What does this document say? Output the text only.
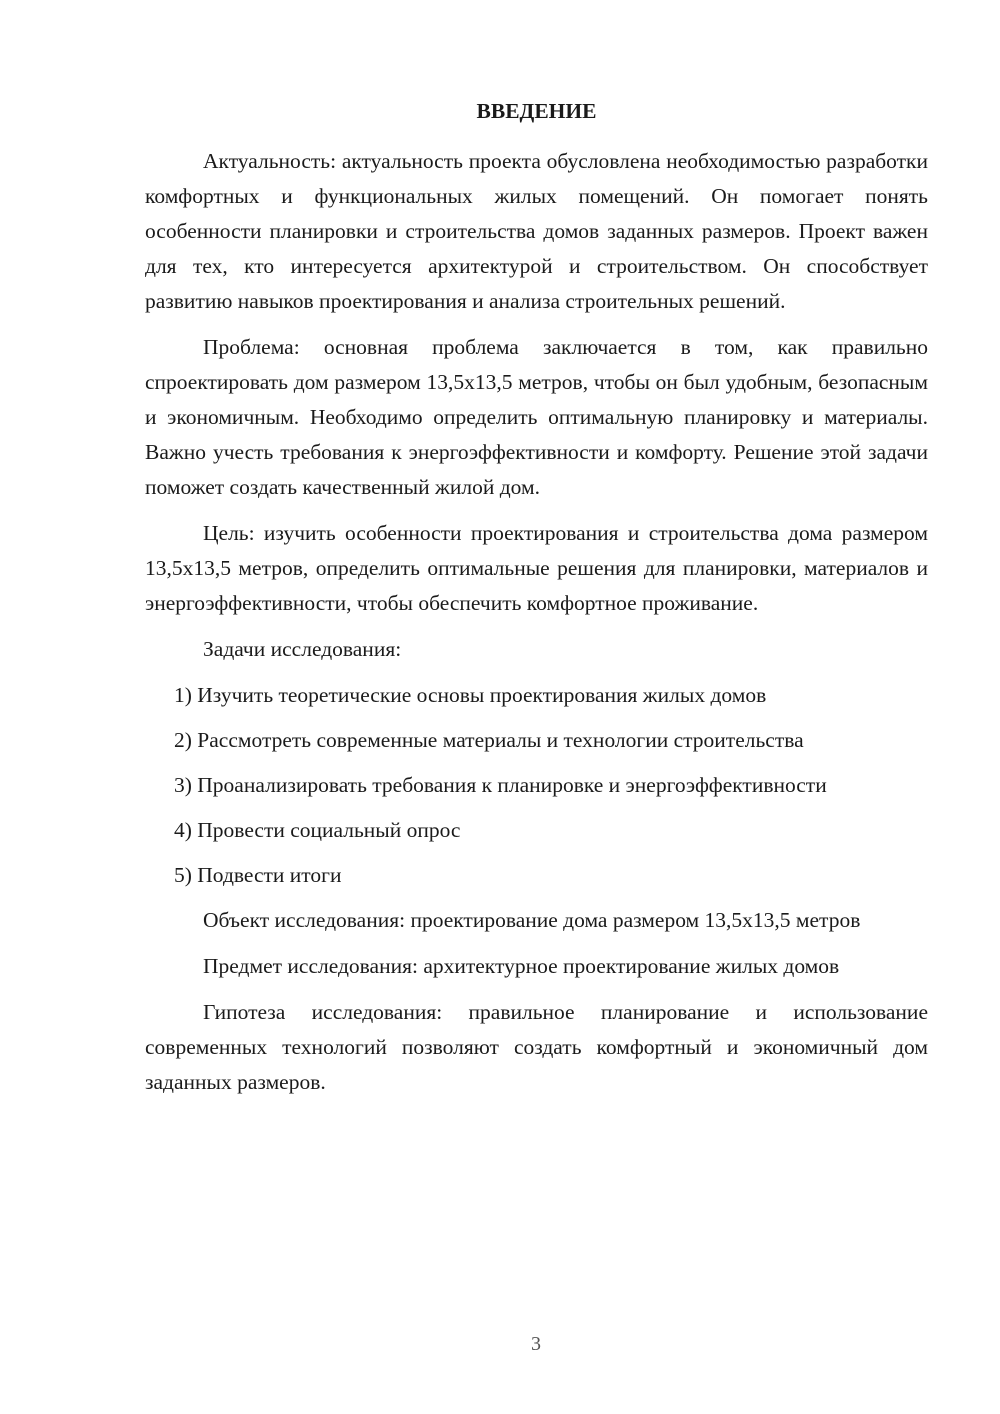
ВВЕДЕНИЕ

Актуальность: актуальность проекта обусловлена необходимостью разработки комфортных и функциональных жилых помещений. Он помогает понять особенности планировки и строительства домов заданных размеров. Проект важен для тех, кто интересуется архитектурой и строительством. Он способствует развитию навыков проектирования и анализа строительных решений.

Проблема: основная проблема заключается в том, как правильно спроектировать дом размером 13,5х13,5 метров, чтобы он был удобным, безопасным и экономичным. Необходимо определить оптимальную планировку и материалы. Важно учесть требования к энергоэффективности и комфорту. Решение этой задачи поможет создать качественный жилой дом.

Цель: изучить особенности проектирования и строительства дома размером 13,5х13,5 метров, определить оптимальные решения для планировки, материалов и энергоэффективности, чтобы обеспечить комфортное проживание.

Задачи исследования:

1) Изучить теоретические основы проектирования жилых домов

2) Рассмотреть современные материалы и технологии строительства

3) Проанализировать требования к планировке и энергоэффективности

4) Провести социальный опрос

5) Подвести итоги

Объект исследования: проектирование дома размером 13,5х13,5 метров

Предмет исследования: архитектурное проектирование жилых домов

Гипотеза исследования: правильное планирование и использование современных технологий позволяют создать комфортный и экономичный дом заданных размеров.

3
